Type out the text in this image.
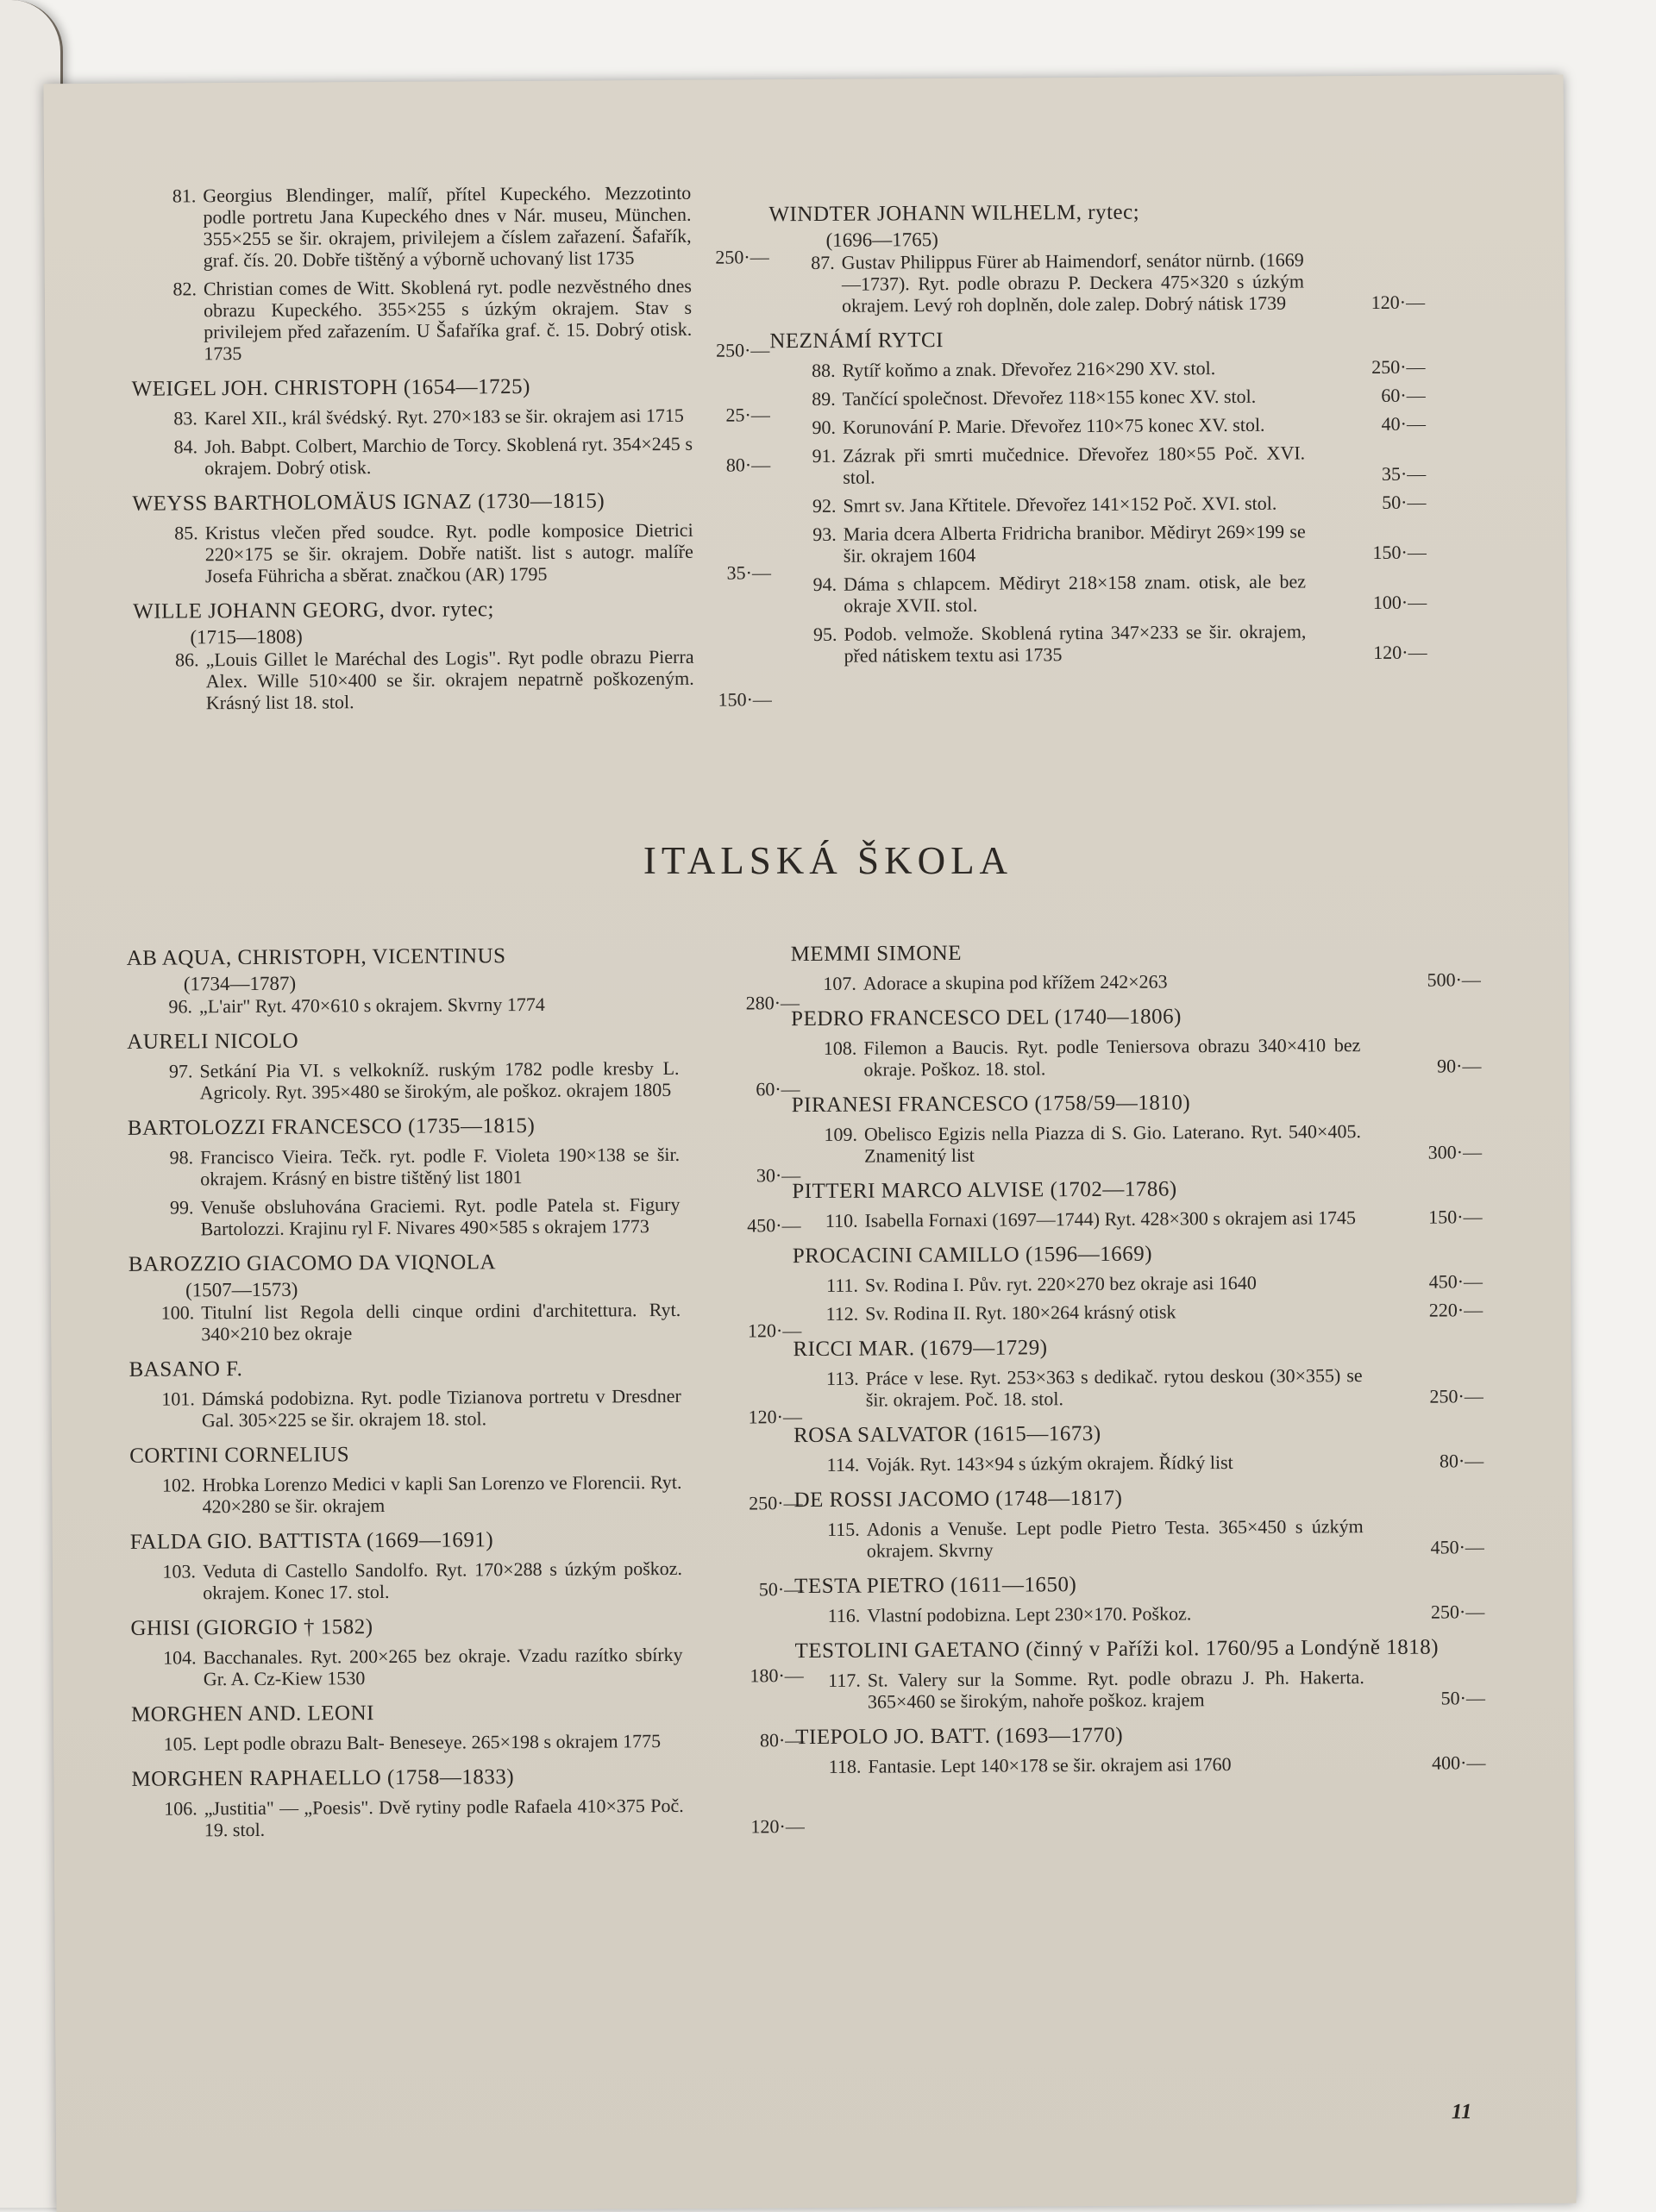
81. Georgius Blendinger, malíř, přítel Kupeckého. Mezzotinto podle portretu Jana Kupeckého dnes v Nár. museu, München. 355×255 se šir. okrajem, privilejem a číslem zařazení. Šafařík, graf. čís. 20. Dobře tištěný a výborně uchovaný list 1735	250·—
82. Christian comes de Witt. Skoblená ryt. podle nezvěstného dnes obrazu Kupeckého. 355×255 s úzkým okrajem. Stav s privilejem před zařazením. U Šafaříka graf. č. 15. Dobrý otisk. 1735	250·—
WEIGEL JOH. CHRISTOPH (1654—1725)
83. Karel XII., král švédský. Ryt. 270×183 se šir. okrajem asi 1715	25·—
84. Joh. Babpt. Colbert, Marchio de Torcy. Skoblená ryt. 354×245 s okrajem. Dobrý otisk.	80·—
WEYSS BARTHOLOMÄUS IGNAZ (1730—1815)
85. Kristus vlečen před soudce. Ryt. podle komposice Dietrici 220×175 se šir. okrajem. Dobře natišt. list s autogr. malíře Josefa Führicha a sběrat. značkou (AR) 1795	35·—
WILLE JOHANN GEORG, dvor. rytec;
(1715—1808)
86. „Louis Gillet le Maréchal des Logis". Ryt podle obrazu Pierra Alex. Wille 510×400 se šir. okrajem nepatrně poškozeným. Krásný list 18. stol.	150·—
WINDTER JOHANN WILHELM, rytec;
(1696—1765)
87. Gustav Philippus Fürer ab Haimendorf, senátor nürnb. (1669—1737). Ryt. podle obrazu P. Deckera 475×320 s úzkým okrajem. Levý roh doplněn, dole zalep. Dobrý nátisk 1739	120·—
NEZNÁMÍ RYTCI
88. Rytíř koňmo a znak. Dřevořez 216×290 XV. stol.	250·—
89. Tančící společnost. Dřevořez 118×155 konec XV. stol.	60·—
90. Korunování P. Marie. Dřevořez 110×75 konec XV. stol.	40·—
91. Zázrak při smrti mučednice. Dřevořez 180×55 Poč. XVI. stol.	35·—
92. Smrt sv. Jana Křtitele. Dřevořez 141×152 Poč. XVI. stol.	50·—
93. Maria dcera Alberta Fridricha branibor. Mědiryt 269×199 se šir. okrajem 1604	150·—
94. Dáma s chlapcem. Mědiryt 218×158 znam. otisk, ale bez okraje XVII. stol.	100·—
95. Podob. velmože. Skoblená rytina 347×233 se šir. okrajem, před nátiskem textu asi 1735	120·—
AB AQUA, CHRISTOPH, VICENTINUS
(1734—1787)
96. „L'air" Ryt. 470×610 s okrajem. Skvrny 1774	280·—
AURELI NICOLO
97. Setkání Pia VI. s velkokníž. ruským 1782 podle kresby L. Agricoly. Ryt. 395×480 se širokým, ale poškoz. okrajem 1805	60·—
BARTOLOZZI FRANCESCO (1735—1815)
98. Francisco Vieira. Tečk. ryt. podle F. Violeta 190×138 se šir. okrajem. Krásný en bistre tištěný list 1801	30·—
99. Venuše obsluhována Graciemi. Ryt. podle Patela st. Figury Bartolozzi. Krajinu ryl F. Nivares 490×585 s okrajem 1773	450·—
BAROZZIO GIACOMO DA VIQNOLA
(1507—1573)
100. Titulní list Regola delli cinque ordini d'architettura. Ryt. 340×210 bez okraje	120·—
BASANO F.
101. Dámská podobizna. Ryt. podle Tizianova portretu v Dresdner Gal. 305×225 se šir. okrajem 18. stol.	120·—
CORTINI CORNELIUS
102. Hrobka Lorenzo Medici v kapli San Lorenzo ve Florencii. Ryt. 420×280 se šir. okrajem	250·—
FALDA GIO. BATTISTA (1669—1691)
103. Veduta di Castello Sandolfo. Ryt. 170×288 s úzkým poškoz. okrajem. Konec 17. stol.	50·—
GHISI (GIORGIO † 1582)
104. Bacchanales. Ryt. 200×265 bez okraje. Vzadu razítko sbírky Gr. A. Cz-Kiew 1530	180·—
MORGHEN AND. LEONI
105. Lept podle obrazu Balt- Beneseye. 265×198 s okrajem 1775	80·—
MORGHEN RAPHAELLO (1758—1833)
106. „Justitia" — „Poesis". Dvě rytiny podle Rafaela 410×375 Poč. 19. stol.	120·—
MEMMI SIMONE
107. Adorace a skupina pod křížem 242×263	500·—
PEDRO FRANCESCO DEL (1740—1806)
108. Filemon a Baucis. Ryt. podle Teniersova obrazu 340×410 bez okraje. Poškoz. 18. stol.	90·—
PIRANESI FRANCESCO (1758/59—1810)
109. Obelisco Egizis nella Piazza di S. Gio. Laterano. Ryt. 540×405. Znamenitý list	300·—
PITTERI MARCO ALVISE (1702—1786)
110. Isabella Fornaxi (1697—1744) Ryt. 428×300 s okrajem asi 1745	150·—
PROCACINI CAMILLO (1596—1669)
111. Sv. Rodina I. Pův. ryt. 220×270 bez okraje asi 1640	450·—
112. Sv. Rodina II. Ryt. 180×264 krásný otisk	220·—
RICCI MAR. (1679—1729)
113. Práce v lese. Ryt. 253×363 s dedikač. rytou deskou (30×355) se šir. okrajem. Poč. 18. stol.	250·—
ROSA SALVATOR (1615—1673)
114. Voják. Ryt. 143×94 s úzkým okrajem. Řídký list	80·—
DE ROSSI JACOMO (1748—1817)
115. Adonis a Venuše. Lept podle Pietro Testa. 365×450 s úzkým okrajem. Skvrny	450·—
TESTA PIETRO (1611—1650)
116. Vlastní podobizna. Lept 230×170. Poškoz.	250·—
TESTOLINI GAETANO (činný v Paříži kol. 1760/95 a Londýně 1818)
117. St. Valery sur la Somme. Ryt. podle obrazu J. Ph. Hakerta. 365×460 se širokým, nahoře poškoz. krajem	50·—
TIEPOLO JO. BATT. (1693—1770)
118. Fantasie. Lept 140×178 se šir. okrajem asi 1760	400·—
11
ITALSKÁ ŠKOLA
